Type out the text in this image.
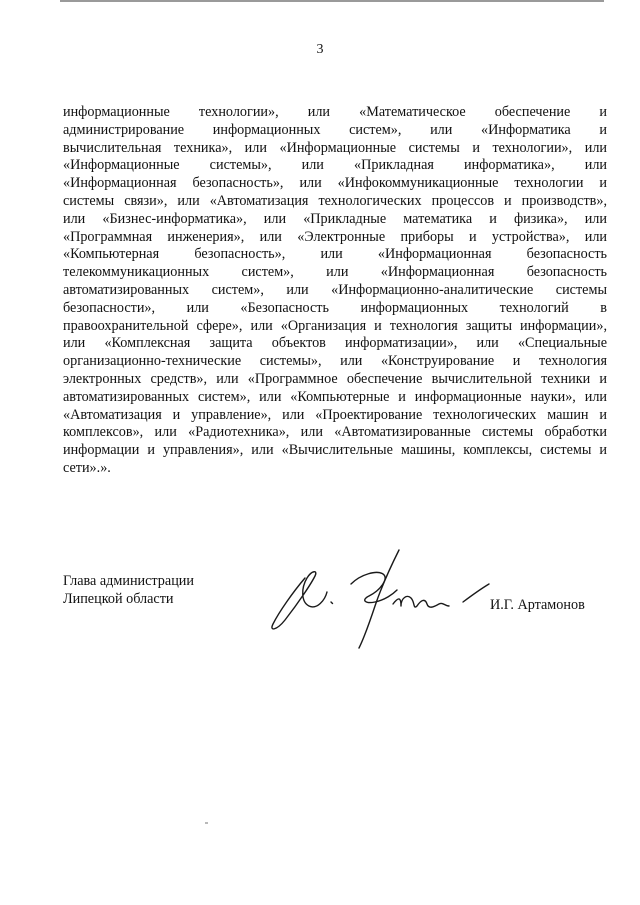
3
информационные технологии», или «Математическое обеспечение и
администрирование информационных систем», или «Информатика и
вычислительная техника», или «Информационные системы и технологии», или
«Информационные системы», или «Прикладная информатика», или
«Информационная безопасность», или «Инфокоммуникационные технологии и
системы связи», или «Автоматизация технологических процессов и производств»,
или «Бизнес-информатика», или «Прикладные математика и физика», или
«Программная инженерия», или «Электронные приборы и устройства», или
«Компьютерная безопасность», или «Информационная безопасность
телекоммуникационных систем», или «Информационная безопасность
автоматизированных систем», или «Информационно-аналитические системы
безопасности», или «Безопасность информационных технологий в
правоохранительной сфере», или «Организация и технология защиты информации»,
или «Комплексная защита объектов информатизации», или «Специальные
организационно-технические системы», или «Конструирование и технология
электронных средств», или «Программное обеспечение вычислительной техники и
автоматизированных систем», или «Компьютерные и информационные науки», или
«Автоматизация и управление», или «Проектирование технологических машин и
комплексов», или «Радиотехника», или «Автоматизированные системы обработки
информации и управления», или «Вычислительные машины, комплексы, системы и
сети».».
Глава администрации
Липецкой области	И.Г. Артамонов
